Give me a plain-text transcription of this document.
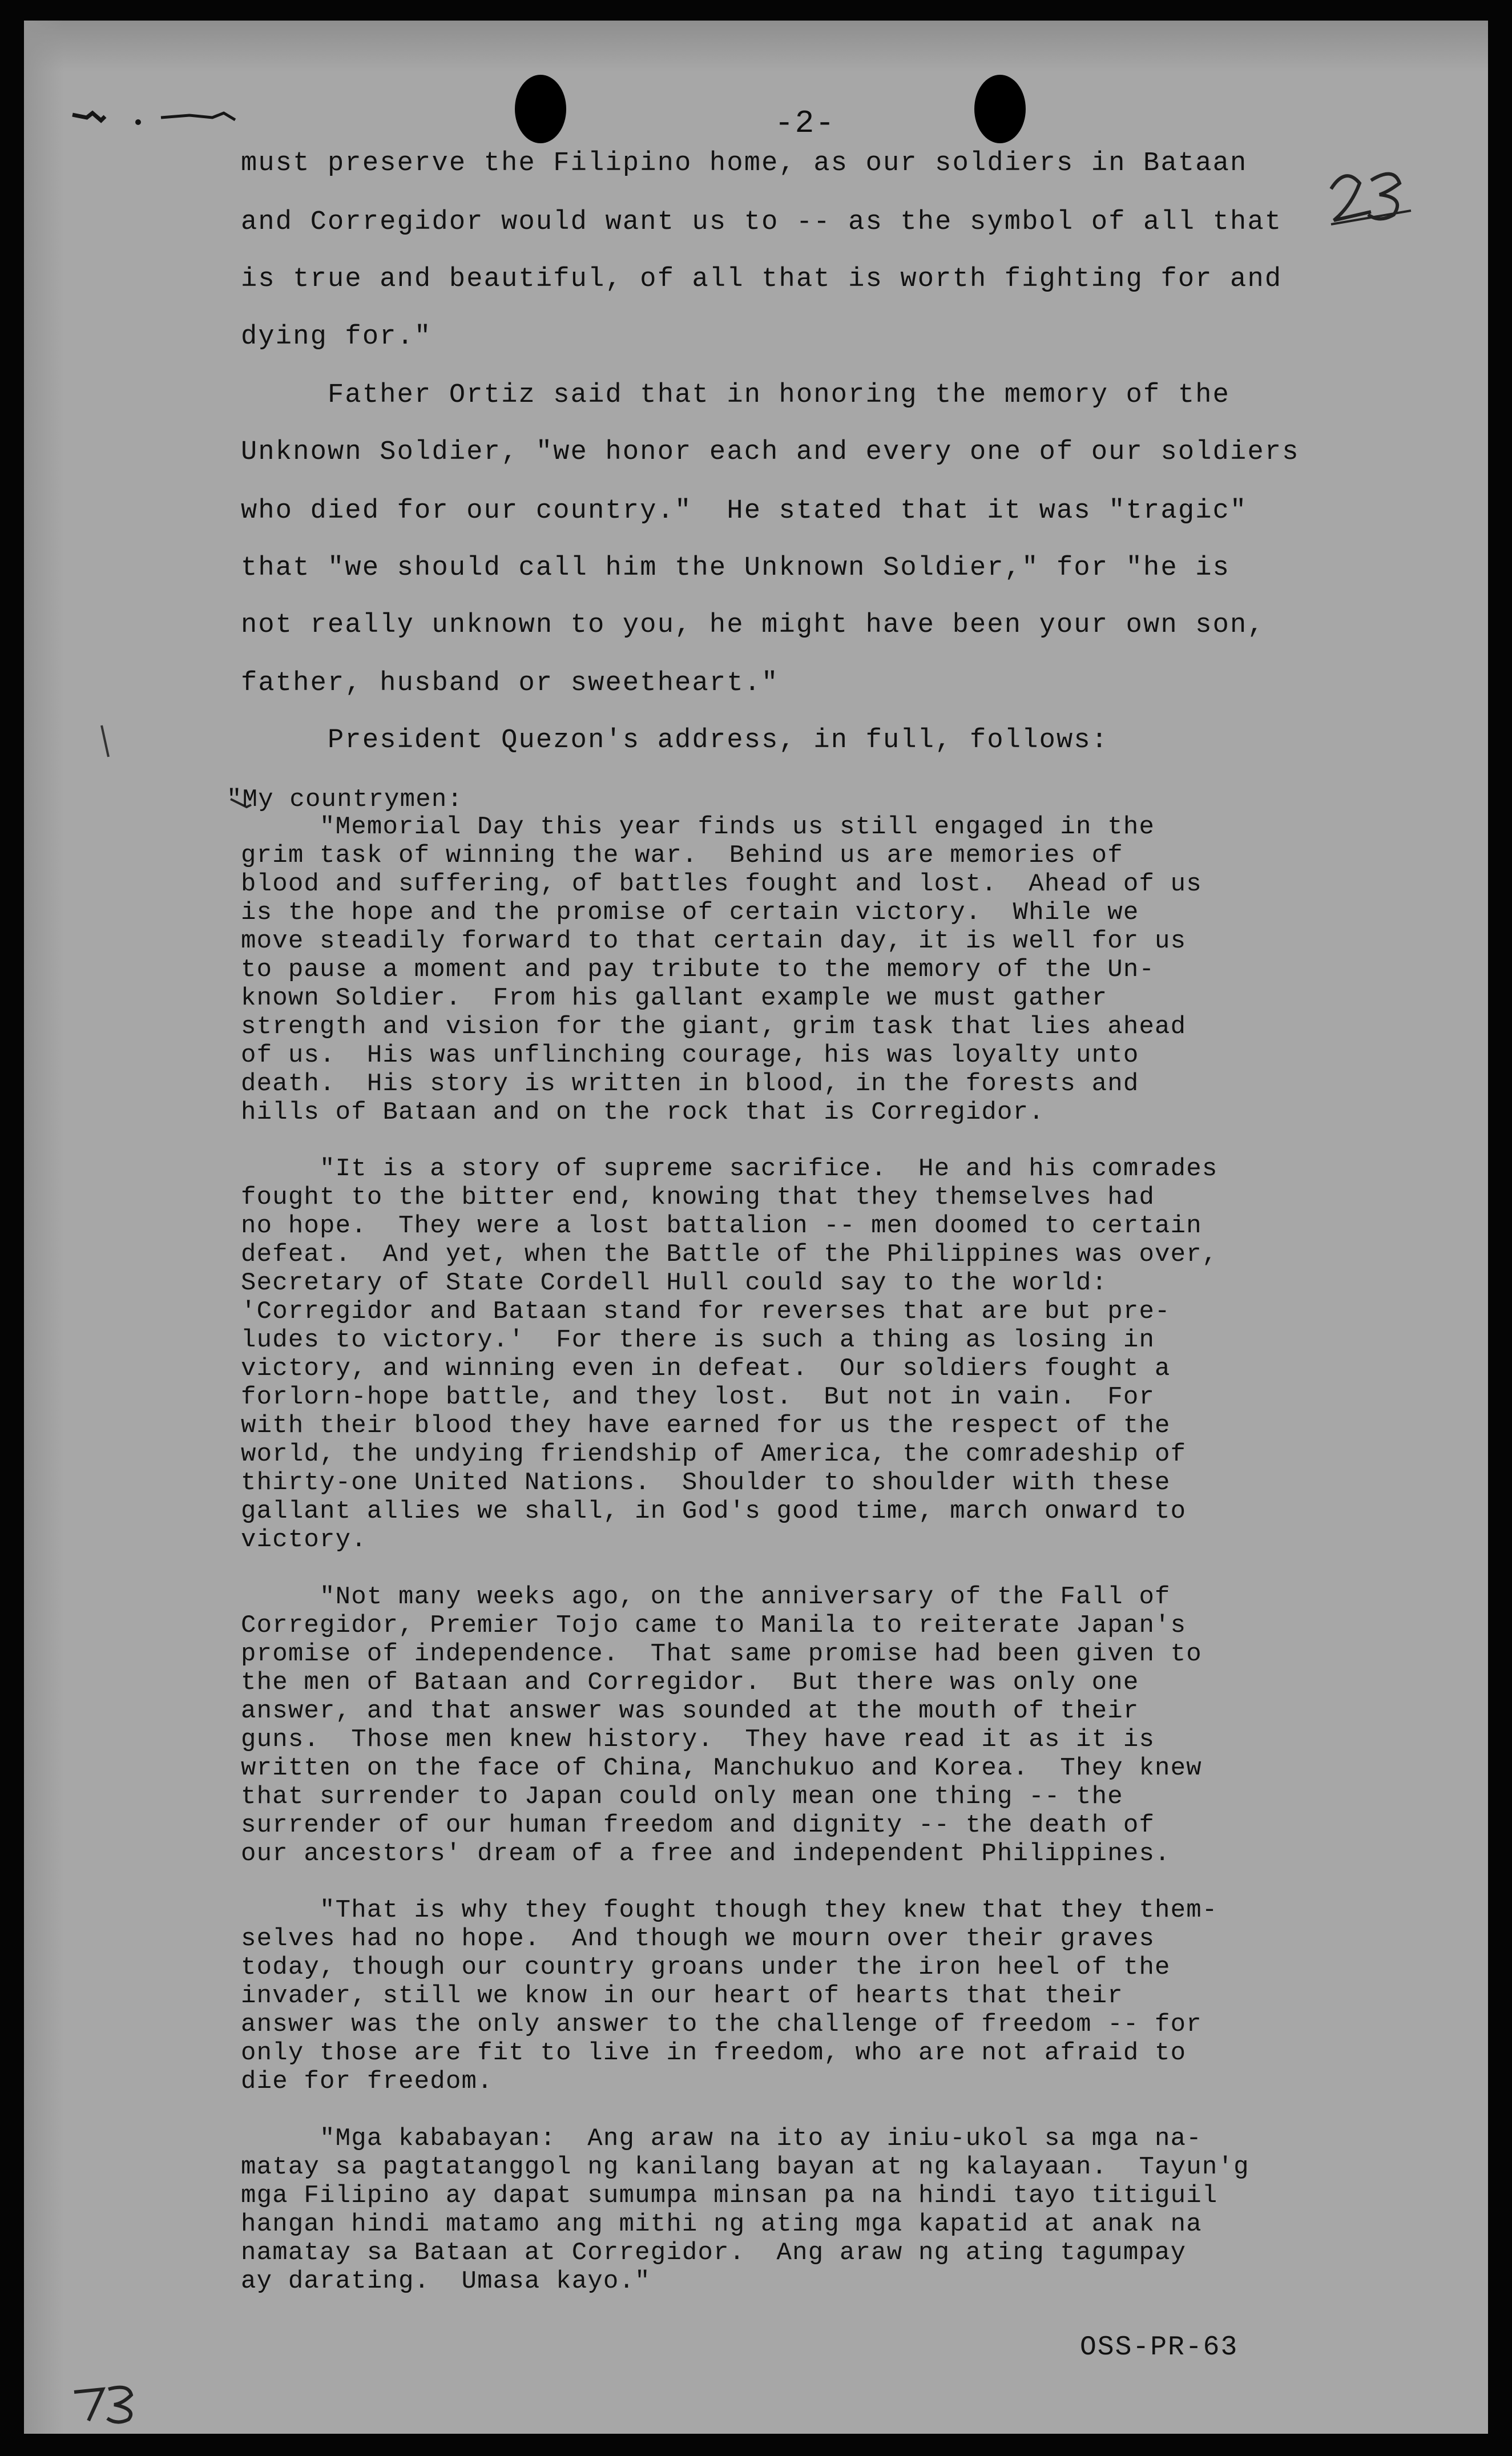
-2-

must preserve the Filipino home, as our soldiers in Bataan

and Corregidor would want us to -- as the symbol of all that

is true and beautiful, of all that is worth fighting for and

dying for."

Father Ortiz said that in honoring the memory of the

Unknown Soldier, "we honor each and every one of our soldiers

who died for our country."  He stated that it was "tragic"

that "we should call him the Unknown Soldier," for "he is

not really unknown to you, he might have been your own son,

father, husband or sweetheart."

President Quezon's address, in full, follows:

"My countrymen:

"Memorial Day this year finds us still engaged in the

grim task of winning the war.  Behind us are memories of

blood and suffering, of battles fought and lost.  Ahead of us

is the hope and the promise of certain victory.  While we

move steadily forward to that certain day, it is well for us

to pause a moment and pay tribute to the memory of the Un-

known Soldier.  From his gallant example we must gather

strength and vision for the giant, grim task that lies ahead

of us.  His was unflinching courage, his was loyalty unto

death.  His story is written in blood, in the forests and

hills of Bataan and on the rock that is Corregidor.

"It is a story of supreme sacrifice.  He and his comrades

fought to the bitter end, knowing that they themselves had

no hope.  They were a lost battalion -- men doomed to certain

defeat.  And yet, when the Battle of the Philippines was over,

Secretary of State Cordell Hull could say to the world:

'Corregidor and Bataan stand for reverses that are but pre-

ludes to victory.'  For there is such a thing as losing in

victory, and winning even in defeat.  Our soldiers fought a

forlorn-hope battle, and they lost.  But not in vain.  For

with their blood they have earned for us the respect of the

world, the undying friendship of America, the comradeship of

thirty-one United Nations.  Shoulder to shoulder with these

gallant allies we shall, in God's good time, march onward to

victory.

"Not many weeks ago, on the anniversary of the Fall of

Corregidor, Premier Tojo came to Manila to reiterate Japan's

promise of independence.  That same promise had been given to

the men of Bataan and Corregidor.  But there was only one

answer, and that answer was sounded at the mouth of their

guns.  Those men knew history.  They have read it as it is

written on the face of China, Manchukuo and Korea.  They knew

that surrender to Japan could only mean one thing -- the

surrender of our human freedom and dignity -- the death of

our ancestors' dream of a free and independent Philippines.

"That is why they fought though they knew that they them-

selves had no hope.  And though we mourn over their graves

today, though our country groans under the iron heel of the

invader, still we know in our heart of hearts that their

answer was the only answer to the challenge of freedom -- for

only those are fit to live in freedom, who are not afraid to

die for freedom.

"Mga kababayan:  Ang araw na ito ay iniu-ukol sa mga na-

matay sa pagtatanggol ng kanilang bayan at ng kalayaan.  Tayun'g

mga Filipino ay dapat sumumpa minsan pa na hindi tayo titiguil

hangan hindi matamo ang mithi ng ating mga kapatid at anak na

namatay sa Bataan at Corregidor.  Ang araw ng ating tagumpay

ay darating.  Umasa kayo."

OSS-PR-63
